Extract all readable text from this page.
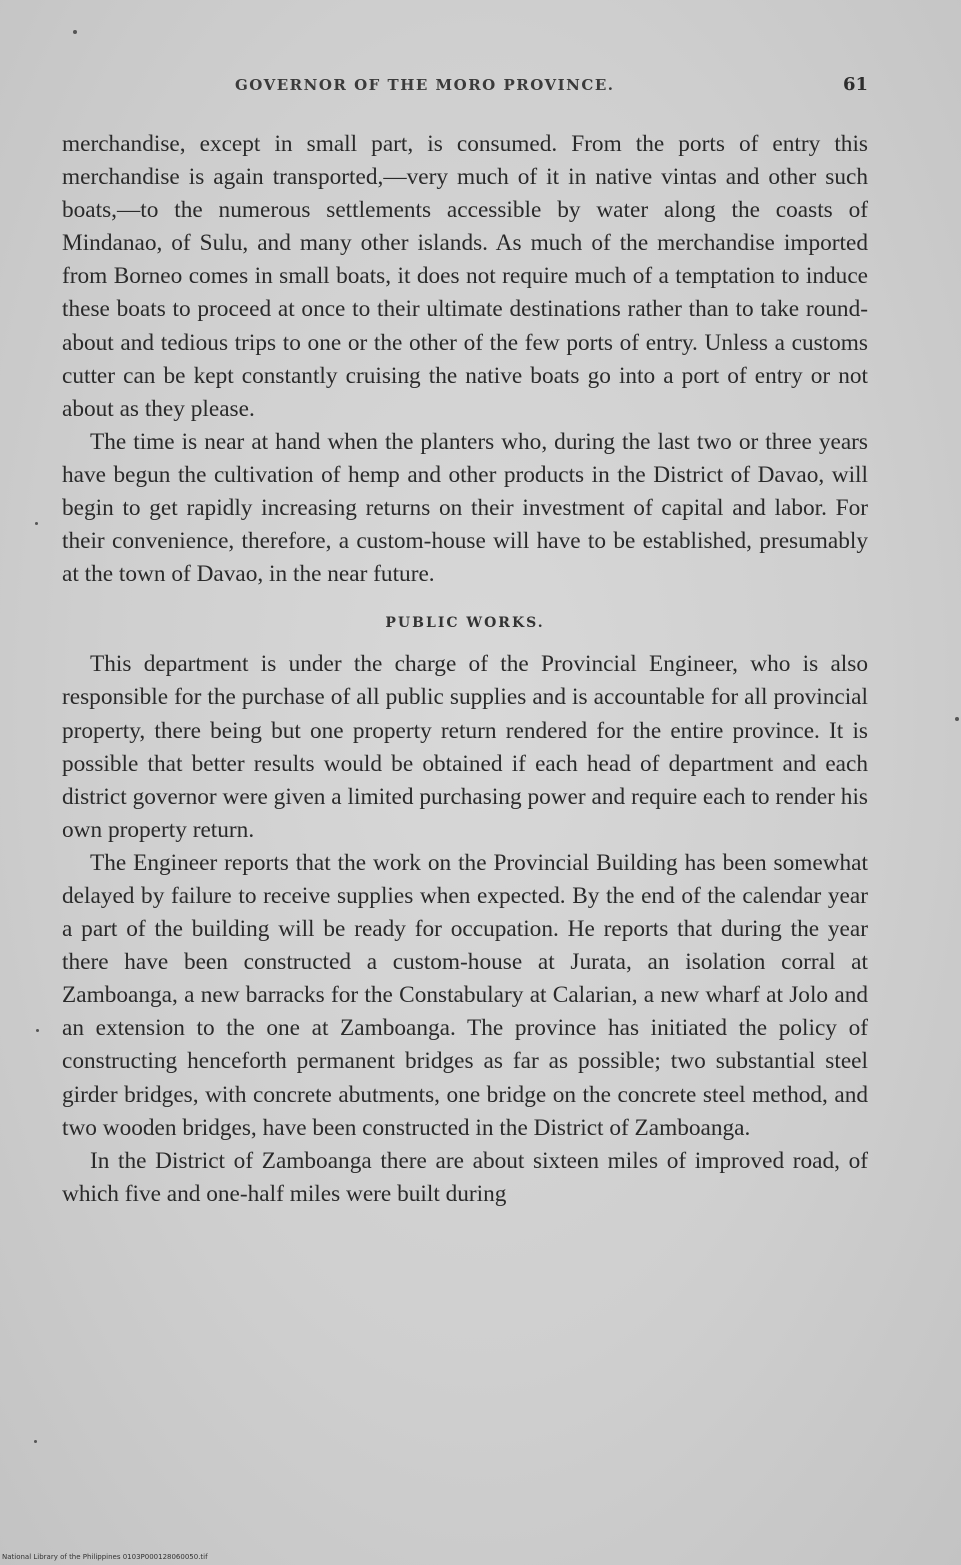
GOVERNOR OF THE MORO PROVINCE.	61

merchandise, except in small part, is consumed. From the ports of entry this merchandise is again transported,—very much of it in native vintas and other such boats,—to the numerous settlements accessible by water along the coasts of Mindanao, of Sulu, and many other islands. As much of the merchandise imported from Borneo comes in small boats, it does not require much of a temptation to induce these boats to proceed at once to their ultimate destinations rather than to take round-about and tedious trips to one or the other of the few ports of entry. Unless a customs cutter can be kept constantly cruising the native boats go into a port of entry or not about as they please.

The time is near at hand when the planters who, during the last two or three years have begun the cultivation of hemp and other products in the District of Davao, will begin to get rapidly increasing returns on their investment of capital and labor. For their convenience, therefore, a custom-house will have to be established, presumably at the town of Davao, in the near future.

PUBLIC WORKS.

This department is under the charge of the Provincial Engineer, who is also responsible for the purchase of all public supplies and is accountable for all provincial property, there being but one property return rendered for the entire province. It is possible that better results would be obtained if each head of department and each district governor were given a limited purchasing power and require each to render his own property return.

The Engineer reports that the work on the Provincial Building has been somewhat delayed by failure to receive supplies when expected. By the end of the calendar year a part of the building will be ready for occupation. He reports that during the year there have been constructed a custom-house at Jurata, an isolation corral at Zamboanga, a new barracks for the Constabulary at Calarian, a new wharf at Jolo and an extension to the one at Zamboanga. The province has initiated the policy of constructing henceforth permanent bridges as far as possible; two substantial steel girder bridges, with concrete abutments, one bridge on the concrete steel method, and two wooden bridges, have been constructed in the District of Zamboanga.

In the District of Zamboanga there are about sixteen miles of improved road, of which five and one-half miles were built during

National Library of the Philippines 0103P000128060050.tif
